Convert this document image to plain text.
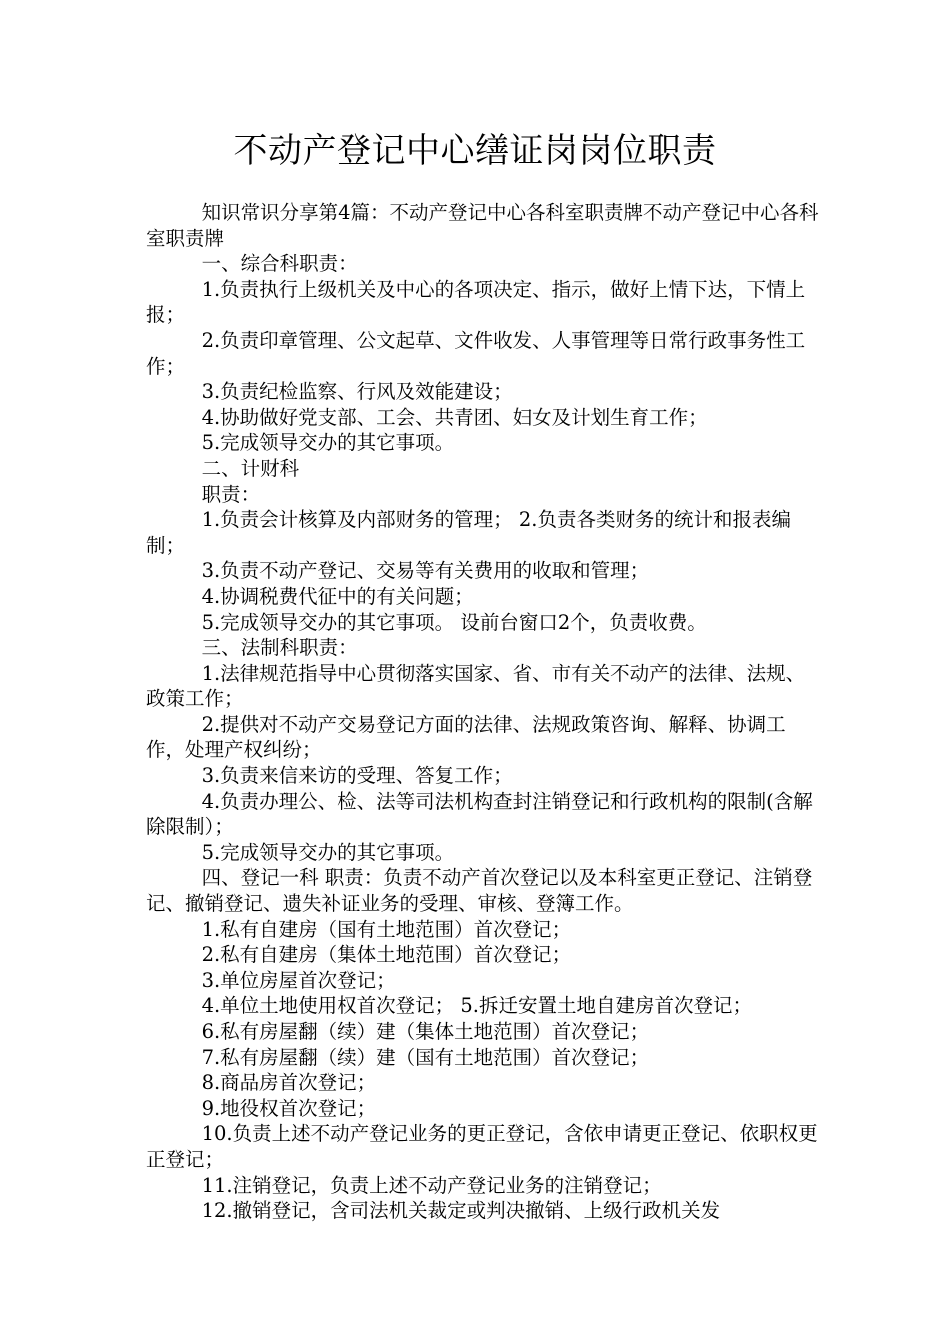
不动产登记中心缮证岗岗位职责

知识常识分享第4篇：不动产登记中心各科室职责牌不动产登记中心各科室职责牌

一、综合科职责：

1.负责执行上级机关及中心的各项决定、指示，做好上情下达，下情上报；

2.负责印章管理、公文起草、文件收发、人事管理等日常行政事务性工作；

3.负责纪检监察、行风及效能建设；

4.协助做好党支部、工会、共青团、妇女及计划生育工作；

5.完成领导交办的其它事项。

二、计财科

职责：

1.负责会计核算及内部财务的管理； 2.负责各类财务的统计和报表编制；

3.负责不动产登记、交易等有关费用的收取和管理；

4.协调税费代征中的有关问题；

5.完成领导交办的其它事项。 设前台窗口2个，负责收费。

三、法制科职责：

1.法律规范指导中心贯彻落实国家、省、市有关不动产的法律、法规、政策工作；

2.提供对不动产交易登记方面的法律、法规政策咨询、解释、协调工作，处理产权纠纷；

3.负责来信来访的受理、答复工作；

4.负责办理公、检、法等司法机构查封注销登记和行政机构的限制(含解除限制）；

5.完成领导交办的其它事项。

四、登记一科 职责：负责不动产首次登记以及本科室更正登记、注销登记、撤销登记、遗失补证业务的受理、审核、登簿工作。

1.私有自建房（国有土地范围）首次登记；

2.私有自建房（集体土地范围）首次登记；

3.单位房屋首次登记；

4.单位土地使用权首次登记； 5.拆迁安置土地自建房首次登记；

6.私有房屋翻（续）建（集体土地范围）首次登记；

7.私有房屋翻（续）建（国有土地范围）首次登记；

8.商品房首次登记；

9.地役权首次登记；

10.负责上述不动产登记业务的更正登记，含依申请更正登记、依职权更正登记；

11.注销登记，负责上述不动产登记业务的注销登记；

12.撤销登记，含司法机关裁定或判决撤销、上级行政机关发
